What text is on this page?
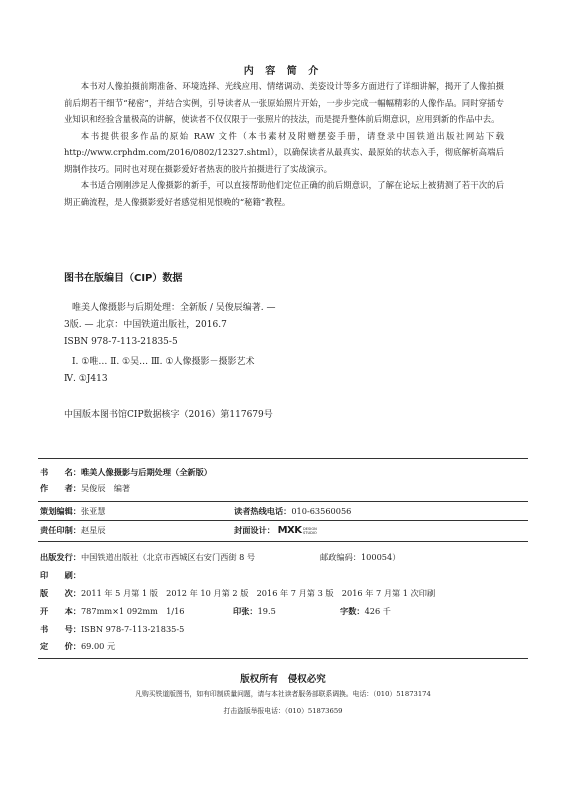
内 容 简 介

本书对人像拍摄前期准备、环境选择、光线应用、情绪调动、美姿设计等多方面进行了详细讲解，揭开了人像拍摄前后期若干细节“秘密”，并结合实例，引导读者从一张原始照片开始，一步步完成一幅幅精彩的人像作品。同时穿插专业知识和经验含量极高的讲解，使读者不仅仅限于一张照片的技法，而是提升整体前后期意识，应用到新的作品中去。

本书提供很多作品的原始 RAW 文件（本书素材及附赠摆姿手册，请登录中国铁道出版社网站下载 http://www.crphdm.com/2016/0802/12327.shtml），以确保读者从最真实、最原始的状态入手，彻底解析高端后期制作技巧。同时也对现在摄影爱好者热衷的胶片拍摄进行了实战演示。

本书适合刚刚涉足人像摄影的新手，可以直接帮助他们定位正确的前后期意识，了解在论坛上被猜测了若干次的后期正确流程，是人像摄影爱好者感觉相见恨晚的“秘籍”教程。

图书在版编目（CIP）数据
唯美人像摄影与后期处理：全新版 / 吴俊辰编著. —
3版. — 北京：中国铁道出版社，2016.7
ISBN 978-7-113-21835-5
Ⅰ. ①唯… Ⅱ. ①吴… Ⅲ. ①人像摄影－摄影艺术
Ⅳ. ①J413
中国版本图书馆CIP数据核字（2016）第117679号
书　　名：唯美人像摄影与后期处理（全新版）
作　　者：吴俊辰　编著
策划编辑：张亚慧	读者热线电话：010-63560056
责任印制：赵星辰	封面设计： MXK DESIGN
STUDIO
出版发行：中国铁道出版社（北京市西城区右安门西街 8 号	邮政编码：100054）
印　　刷：
版　　次：2011 年 5 月第 1 版　2012 年 10 月第 2 版　2016 年 7 月第 3 版　2016 年 7 月第 1 次印刷
开　　本：787mm×1 092mm　1/16	印张：19.5	字数：426 千
书　　号：ISBN 978-7-113-21835-5
定　　价：69.00 元
版权所有　侵权必究
凡购买铁道版图书，如有印制质量问题，请与本社读者服务部联系调换。电话：（010）51873174
打击盗版举报电话：（010）51873659
